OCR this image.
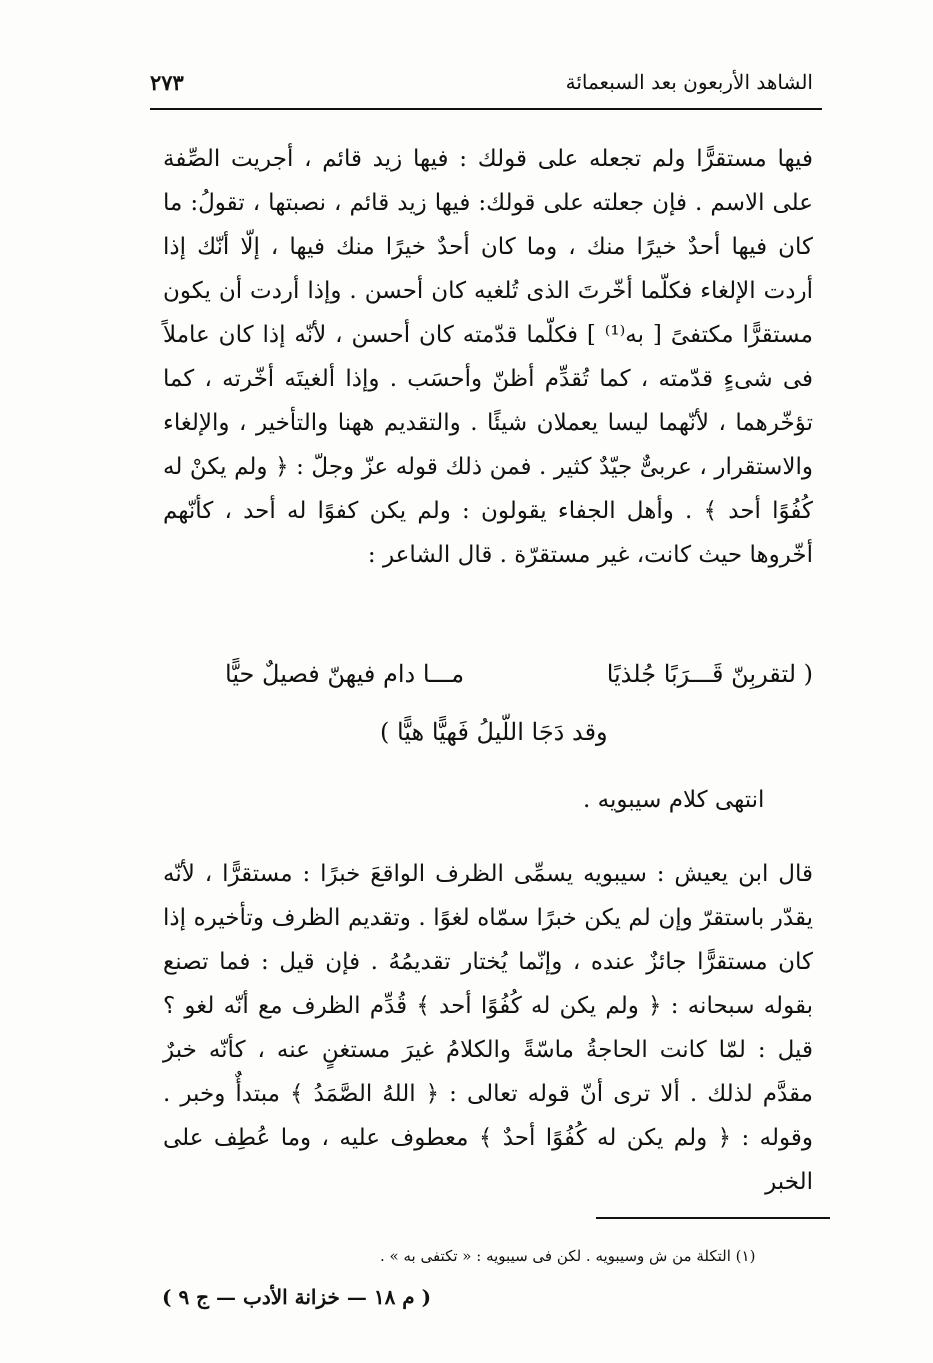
الشاهد الأربعون بعد السبعمائة
٢٧٣

فيها مستقرًّا ولم تجعله على قولك : فيها زيد قائم ، أجريت الصِّفة على الاسم . فإن جعلته على قولك: فيها زيد قائم ، نصبتها ، تقولُ: ما كان فيها أحدٌ خيرًا منك ، وما كان أحدٌ خيرًا منك فيها ، إلّا أنّك إذا أردت الإلغاء فكلّما أخّرتَ الذى تُلغيه كان أحسن . وإذا أردت أن يكون مستقرًّا مكتفىً [ به⁽¹⁾ ] فكلّما قدّمته كان أحسن ، لأنّه إذا كان عاملاً فى شىءٍ قدّمته ، كما تُقدِّم أظنّ وأحسَب . وإذا ألغيتَه أخّرته ، كما تؤخّرهما ، لأنّهما ليسا يعملان شيئًا . والتقديم ههنا والتأخير ، والإلغاء والاستقرار ، عربىٌّ جيّدٌ كثير . فمن ذلك قوله عزّ وجلّ : ﴿ ولم يكنْ له كُفُوًا أحد ﴾ . وأهل الجفاء يقولون : ولم يكن كفوًا له أحد ، كأنّهم أخّروها حيث كانت، غير مستقرّة . قال الشاعر :

( لتقربِنّ قَـــرَبًا جُلذيًا
مـــا دام فيهنّ فصيلٌ حيًّا
وقد دَجَا اللّيلُ فَهيًّا هيًّا )
انتهى كلام سيبويه .

قال ابن يعيش : سيبويه يسمِّى الظرف الواقعَ خبرًا : مستقرًّا ، لأنّه يقدّر باستقرّ وإن لم يكن خبرًا سمّاه لغوًا . وتقديم الظرف وتأخيره إذا كان مستقرًّا جائزٌ عنده ، وإنّما يُختار تقديمُهُ . فإن قيل : فما تصنع بقوله سبحانه : ﴿ ولم يكن له كُفُوًا أحد ﴾ قُدِّم الظرف مع أنّه لغو ؟ قيل : لمّا كانت الحاجةُ ماسّةً والكلامُ غيرَ مستغنٍ عنه ، كأنّه خبرٌ مقدَّم لذلك . ألا ترى أنّ قوله تعالى : ﴿ اللهُ الصَّمَدُ ﴾ مبتدأٌ وخبر . وقوله : ﴿ ولم يكن له كُفُوًا أحدٌ ﴾ معطوف عليه ، وما عُطِف على الخبر

(١) التكلة من ش وسيبويه . لكن فى سيبويه : « تكتفى به » .
( م ١٨ — خزانة الأدب — ج ٩ )
